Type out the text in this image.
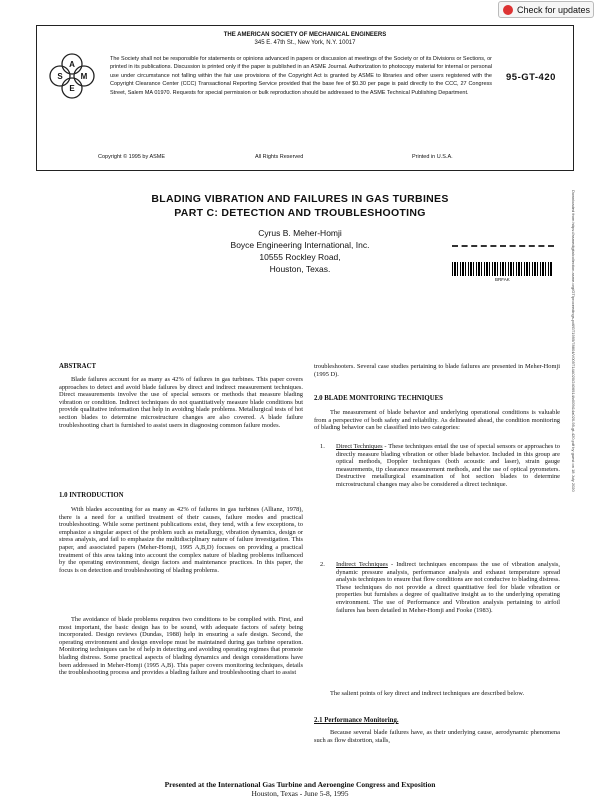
Check for updates
THE AMERICAN SOCIETY OF MECHANICAL ENGINEERS
345 E. 47th St., New York, N.Y. 10017
A
S M
E
The Society shall not be responsible for statements or opinions advanced in papers or discussion at meetings of the Society or of its Divisions or Sections, or printed in its publications. Discussion is printed only if the paper is published in an ASME Journal. Authorization to photocopy material for internal or personal use under circumstance not falling within the fair use provisions of the Copyright Act is granted by ASME to libraries and other users registered with the Copyright Clearance Center (CCC) Transactional Reporting Service provided that the base fee of $0.30 per page is paid directly to the CCC, 27 Congress Street, Salem MA 01970. Requests for special permission or bulk reproduction should be addressed to the ASME Technical Publishing Department.
95-GT-420
Copyright © 1995 by ASME	All Rights Reserved	Printed in U.S.A.
BLADING VIBRATION AND FAILURES IN GAS TURBINES
PART C: DETECTION AND TROUBLESHOOTING
Cyrus B. Meher-Homji
Boyce Engineering International, Inc.
10555 Rockley Road,
Houston, Texas.
BRFAK	Downloaded from https://asmedigitalcollection.asme.org/GT/proceedings-pdf/GT1995/78804/V005T14A020/2406914/v005t14a020-95-gt-420.pdf by guest on 18 July 2020
ABSTRACT
Blade failures account for as many as 42% of failures in gas turbines. This paper covers approaches to detect and avoid blade failures by direct and indirect measurement techniques. Direct measurements involve the use of special sensors or methods that measure blading vibration or condition. Indirect techniques do not quantitatively measure blade conditions but provide qualitative information that help in avoiding blade problems. Metallurgical tests of hot section blades to determine microstructure changes are also covered. A blade failure troubleshooting chart is furnished to assist users in diagnosing common failure modes.
1.0 INTRODUCTION
With blades accounting for as many as 42% of failures in gas turbines (Allianz, 1978), there is a need for a unified treatment of their causes, failure modes and practical troubleshooting. While some pertinent publications exist, they tend, with a few exceptions, to emphasize a singular aspect of the problem such as metallurgy, vibration dynamics, design or stress analysis, and fail to emphasize the multidisciplinary nature of failure investigation. This paper, and associated papers (Meher-Homji, 1995 A,B,D) focuses on providing a practical treatment of this area taking into account the complex nature of blading problems influenced by the operating environment, design factors and maintenance practices. In this paper, the focus is on detection and troubleshooting of blading problems.
The avoidance of blade problems requires two conditions to be complied with. First, and most important, the basic design has to be sound, with adequate factors of safety being incorporated. Design reviews (Dundas, 1988) help in ensuring a safe design. Second, the operating environment and design envelope must be maintained during gas turbine operation. Monitoring techniques can be of help in detecting and avoiding operating regimes that promote blading distress. Some practical aspects of blading dynamics and design considerations have been addressed in Meher-Homji (1995 A,B). This paper covers monitoring techniques, details the troubleshooting process and provides a blading failure and troubleshooting chart to assist
troubleshooters. Several case studies pertaining to blade failures are presented in Meher-Homji (1995 D).
2.0 BLADE MONITORING TECHNIQUES
The measurement of blade behavior and underlying operational conditions is valuable from a perspective of both safety and reliability. As delineated ahead, the condition monitoring of blading behavior can be classified into two categories:
1. Direct Techniques - These techniques entail the use of special sensors or approaches to directly measure blading vibration or other blade behavior. Included in this group are optical methods, Doppler techniques (both acoustic and laser), strain gauge measurements, tip clearance measurement methods, and the use of optical pyrometers. Destructive metallurgical examination of hot section blades to determine microstructural changes may also be considered a direct technique.
2. Indirect Techniques - Indirect techniques encompass the use of vibration analysis, dynamic pressure analysis, performance analysis and exhaust temperature spread analysis techniques to ensure that flow conditions are not conducive to blading distress. These techniques do not provide a direct quantitative feel for blade vibration or properties but furnishes a degree of qualitative insight as to the underlying operating environment. The use of Performance and Vibration analysis pertaining to airfoil failures has been detailed in Meher-Homji and Fooke (1983).
The salient points of key direct and indirect techniques are described below.
2.1 Performance Monitoring.
Because several blade failures have, as their underlying cause, aerodynamic phenomena such as flow distortion, stalls,
Presented at the International Gas Turbine and Aeroengine Congress and Exposition
Houston, Texas - June 5-8, 1995
